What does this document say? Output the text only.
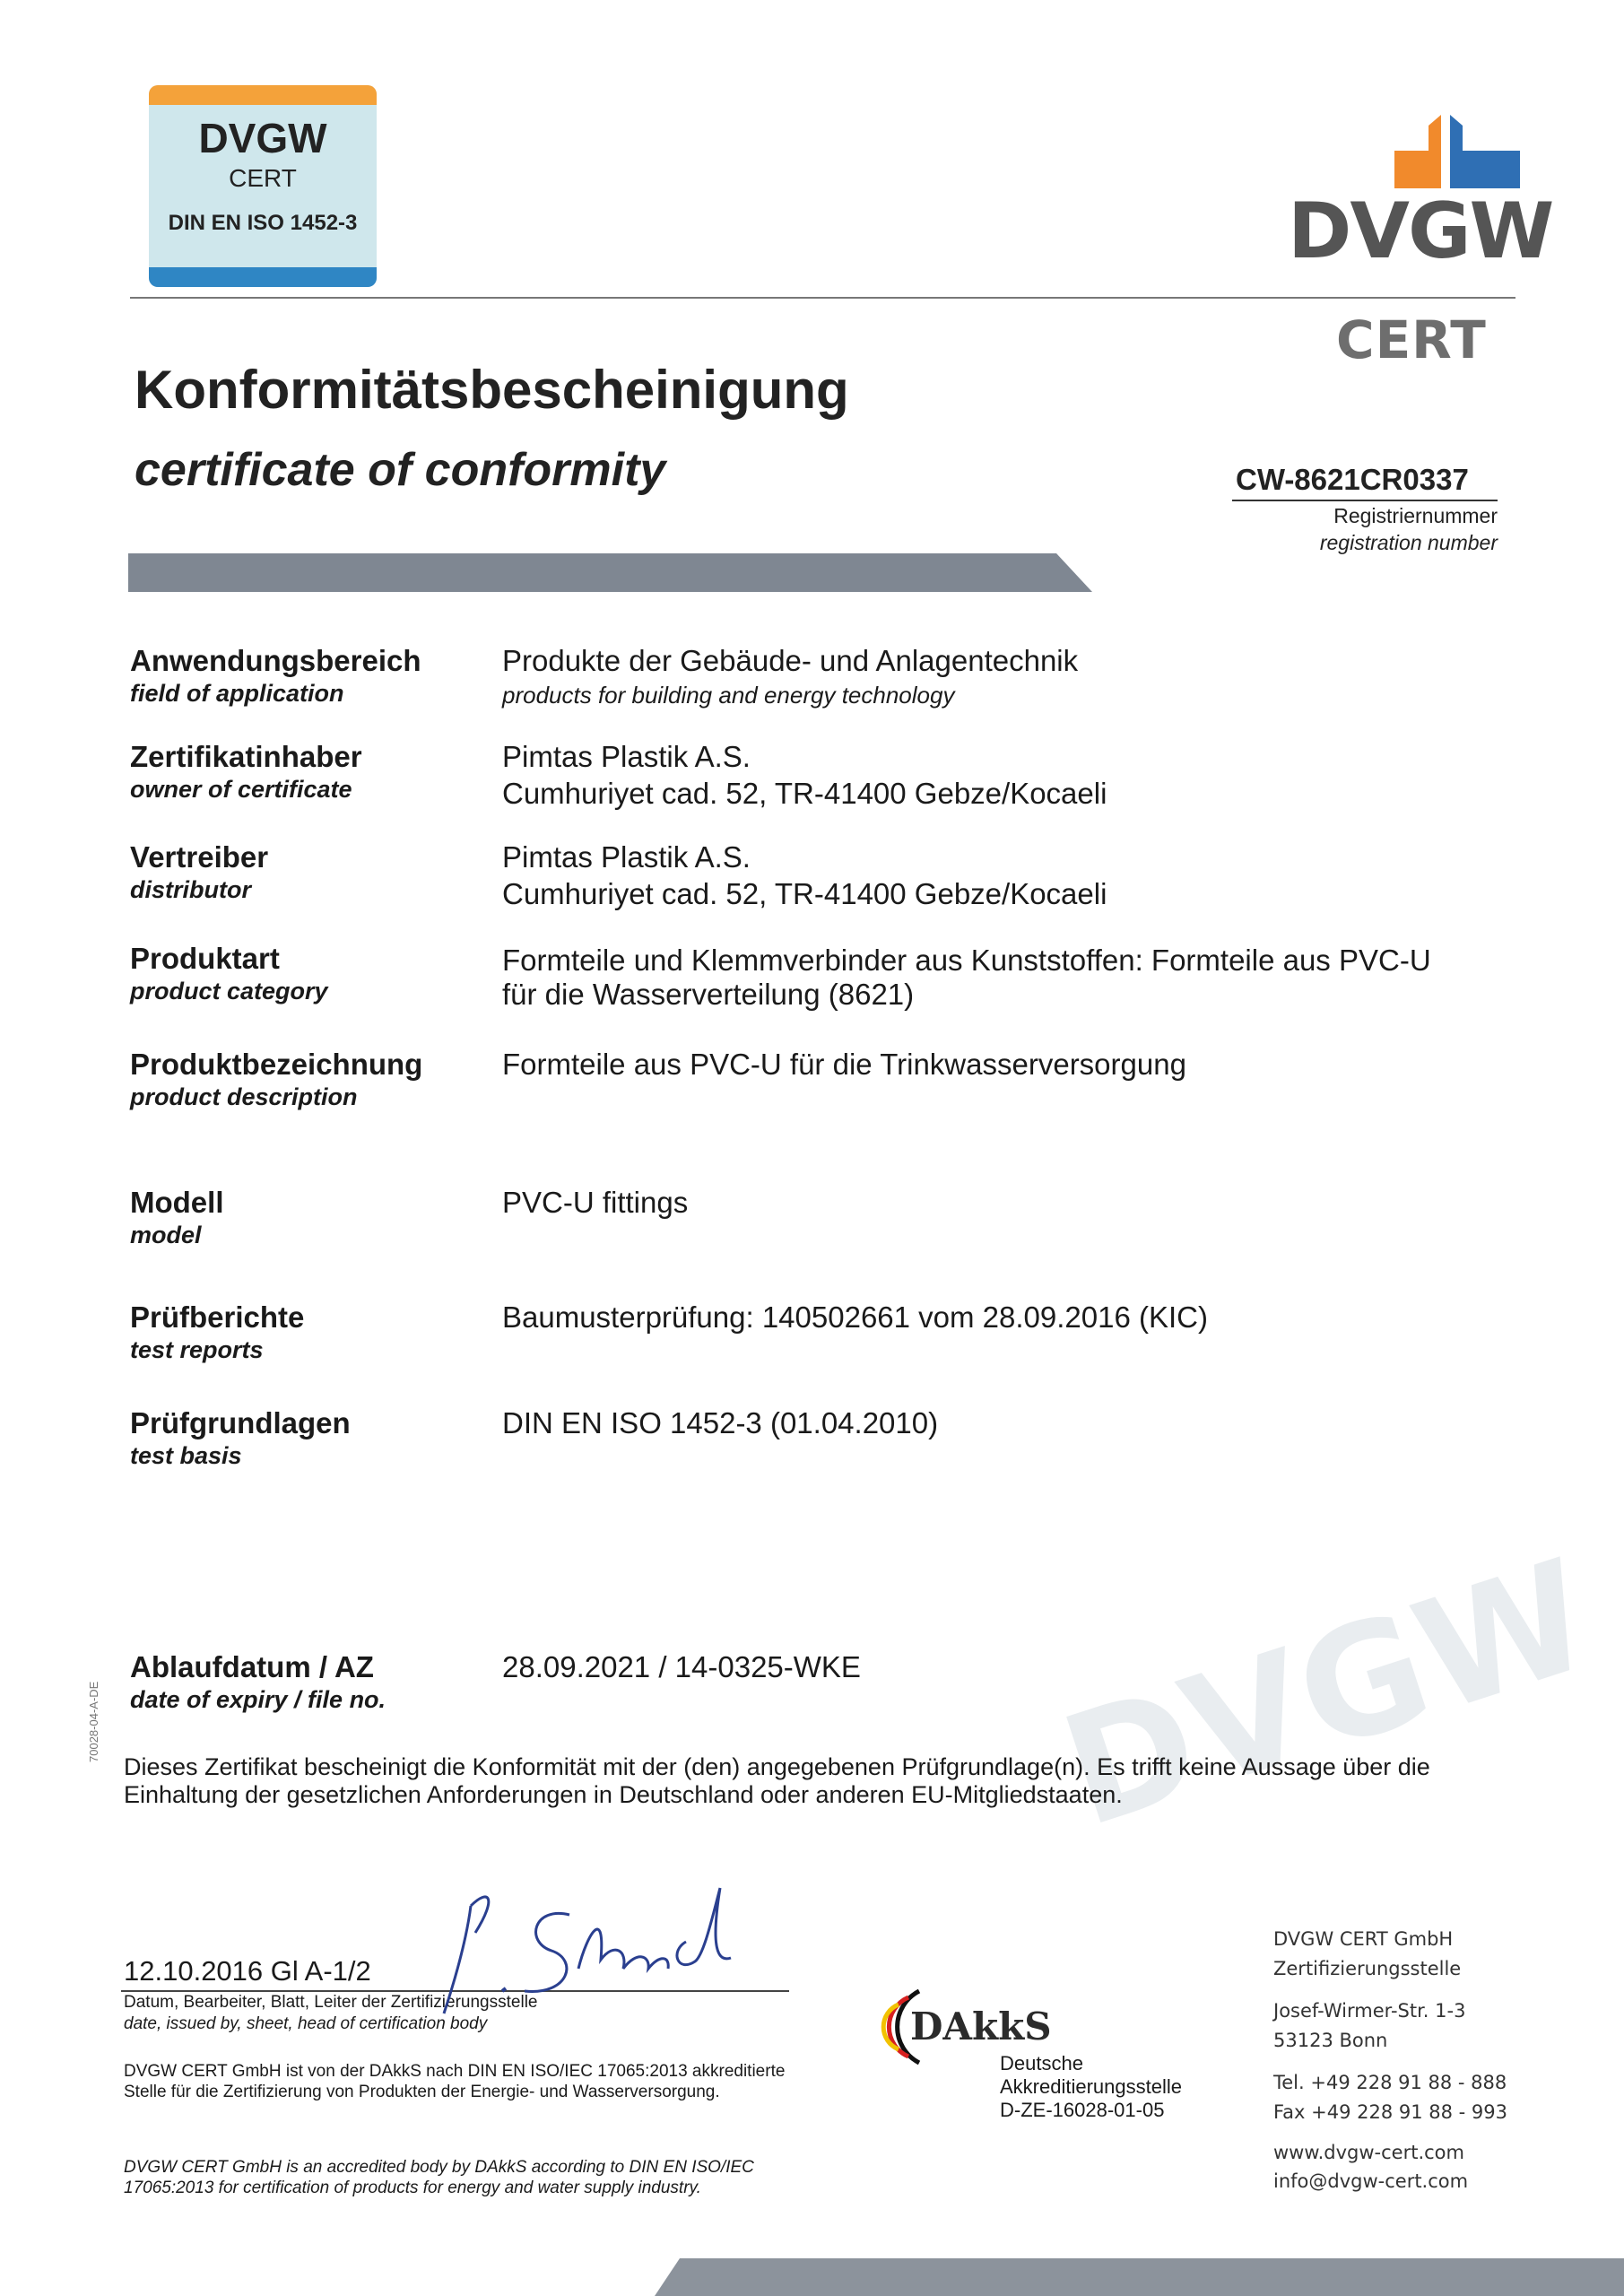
DVGW
CERT
DIN EN ISO 1452-3	DVGW
CERT
Konformitätsbescheinigung
certificate of conformity	CW-8621CR0337
Registriernummer
registration number
Anwendungsbereich
field of application
Produkte der Gebäude- und Anlagentechnik
products for building and energy technology
Zertifikatinhaber
owner of certificate
Pimtas Plastik A.S.
Cumhuriyet cad. 52, TR-41400 Gebze/Kocaeli
Vertreiber
distributor
Pimtas Plastik A.S.
Cumhuriyet cad. 52, TR-41400 Gebze/Kocaeli
Produktart
product category
Formteile und Klemmverbinder aus Kunststoffen: Formteile aus PVC-U
für die Wasserverteilung (8621)
Produktbezeichnung
product description
Formteile aus PVC-U für die Trinkwasserversorgung
Modell
model
PVC-U fittings
Prüfberichte
test reports
Baumusterprüfung: 140502661 vom 28.09.2016 (KIC)
Prüfgrundlagen
test basis
DIN EN ISO 1452-3 (01.04.2010)
DVGW
Ablaufdatum / AZ
date of expiry / file no.
28.09.2021 / 14-0325-WKE
70028-04-A-DE
Dieses Zertifikat bescheinigt die Konformität mit der (den) angegebenen Prüfgrundlage(n). Es trifft keine Aussage über die Einhaltung der gesetzlichen Anforderungen in Deutschland oder anderen EU-Mitgliedstaaten.
12.10.2016 Gl A-1/2
Datum, Bearbeiter, Blatt, Leiter der Zertifizierungsstelle
date, issued by, sheet, head of certification body
DVGW CERT GmbH ist von der DAkkS nach DIN EN ISO/IEC 17065:2013 akkreditierte Stelle für die Zertifizierung von Produkten der Energie- und Wasserversorgung.
DVGW CERT GmbH is an accredited body by DAkkS according to DIN EN ISO/IEC 17065:2013 for certification of products for energy and water supply industry.
DAkkS
Deutsche
Akkreditierungsstelle
D-ZE-16028-01-05
DVGW CERT GmbH
Zertifizierungsstelle
Josef-Wirmer-Str. 1-3
53123 Bonn
Tel. +49 228 91 88 - 888
Fax +49 228 91 88 - 993
www.dvgw-cert.com
info@dvgw-cert.com
